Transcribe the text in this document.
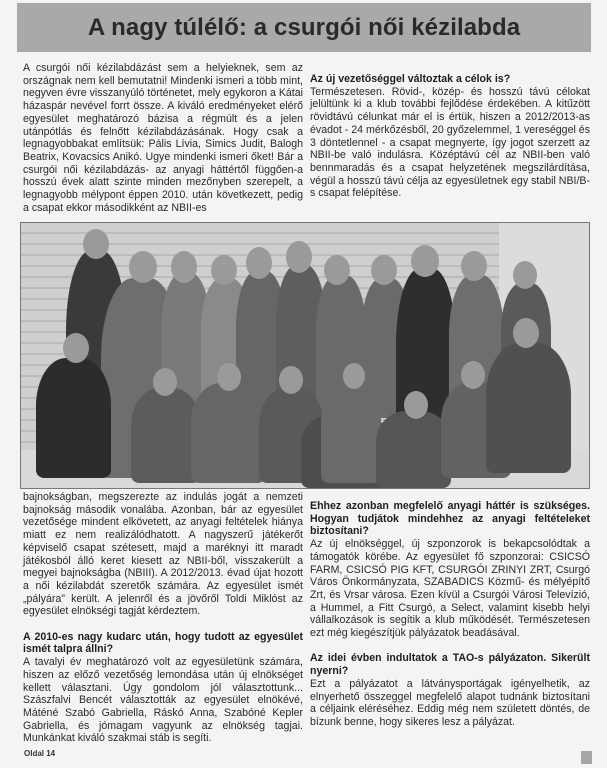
A nagy túlélő: a csurgói női kézilabda

A csurgói női kézilabdázást sem a helyieknek, sem az országnak nem kell bemutatni! Mindenki ismeri a több mint, negyven évre visszanyúló történetet, mely egykoron a Kátai házaspár nevével forrt össze. A kiváló eredményeket elérő egyesület meghatározó bázisa a régmúlt és a jelen utánpótlás és felnőtt kézilabdázásának. Hogy csak a legnagyobbakat említsük: Pális Lívia, Simics Judit, Balogh Beatrix, Kovacsics Anikó. Ugye mindenki ismeri őket! Bár a csurgói női kézilabdázás- az anyagi háttértől függően-a hosszú évek alatt szinte minden mezőnyben szerepelt, a legnagyobb mélypont éppen 2010. után következett, pedig a csapat ekkor másodikként az NBII-es

Az új vezetőséggel változtak a célok is?

Természetesen. Rövid-, közép- és hosszú távú célokat jelültünk ki a klub további fejlődése érdekében. A kitűzött rövidtávú célunkat már el is értük, hiszen a 2012/2013-as évadot - 24 mérkőzésből, 20 győzelemmel, 1 vereséggel és 3 döntetlennel - a csapat megnyerte, így jogot szerzett az NBII-be való indulásra. Középtávú cél az NBII-ben való bennmaradás és a csapat helyzetének megszilárdítása, végül a hosszú távú célja az egyesületnek egy stabil NBI/B-s csapat felépítése.

bajnokságban, megszerezte az indulás jogát a nemzeti bajnokság második vonalába. Azonban, bár az egyesület vezetősége mindent elkövetett, az anyagi feltételek hiánya miatt ez nem realizálódhatott. A nagyszerű játékerőt képviselő csapat szétesett, majd a maréknyi itt maradt játékosból álló keret kiesett az NBII-ből, visszakerült a megyei bajnokságba (NBIII). A 2012/2013. évad újat hozott a női kézilabdát szeretők számára. Az egyesület ismét „pályára" került. A jelenről és a jövőről Toldi Miklóst az egyesület elnökségi tagját kérdeztem.

A 2010-es nagy kudarc után, hogy tudott az egyesület ismét talpra állni?

A tavalyi év meghatározó volt az egyesületünk számára, hiszen az előző vezetőség lemondása után új elnökséget kellett választani. Úgy gondolom jól választottunk... Szászfalvi Bencét választották az egyesület elnökévé, Máténé Szabó Gabriella, Ráskó Anna, Szabóné Kepler Gabriella, és jómagam vagyunk az elnökség tagjai. Munkánkat kiváló szakmai stáb is segíti.

Ehhez azonban megfelelő anyagi háttér is szükséges. Hogyan tudjátok mindehhez az anyagi feltételeket biztosítani?

Az új elnökséggel, új szponzorok is bekapcsolódtak a támogatók körébe. Az egyesület fő szponzorai: CSICSÓ FARM, CSICSÓ PIG KFT, CSURGÓI ZRINYI ZRT, Csurgó Város Önkormányzata, SZABADICS Közmű- és mélyépítő Zrt, és Vrsar városa. Ezen kívül a Csurgói Városi Televízió, a Hummel, a Fitt Csurgó, a Select, valamint kisebb helyi vállalkozások is segítik a klub működését. Természetesen ezt még kiegészítjük pályázatok beadásával.

Az idei évben indultatok a TAO-s pályázaton. Sikerült nyerni?

Ezt a pályázatot a látványsportágak igényelhetik, az elnyerhető összeggel megfelelő alapot tudnánk biztosítani a céljaink eléréséhez. Eddig még nem született döntés, de bízunk benne, hogy sikeres lesz a pályázat.

Oldal 14
